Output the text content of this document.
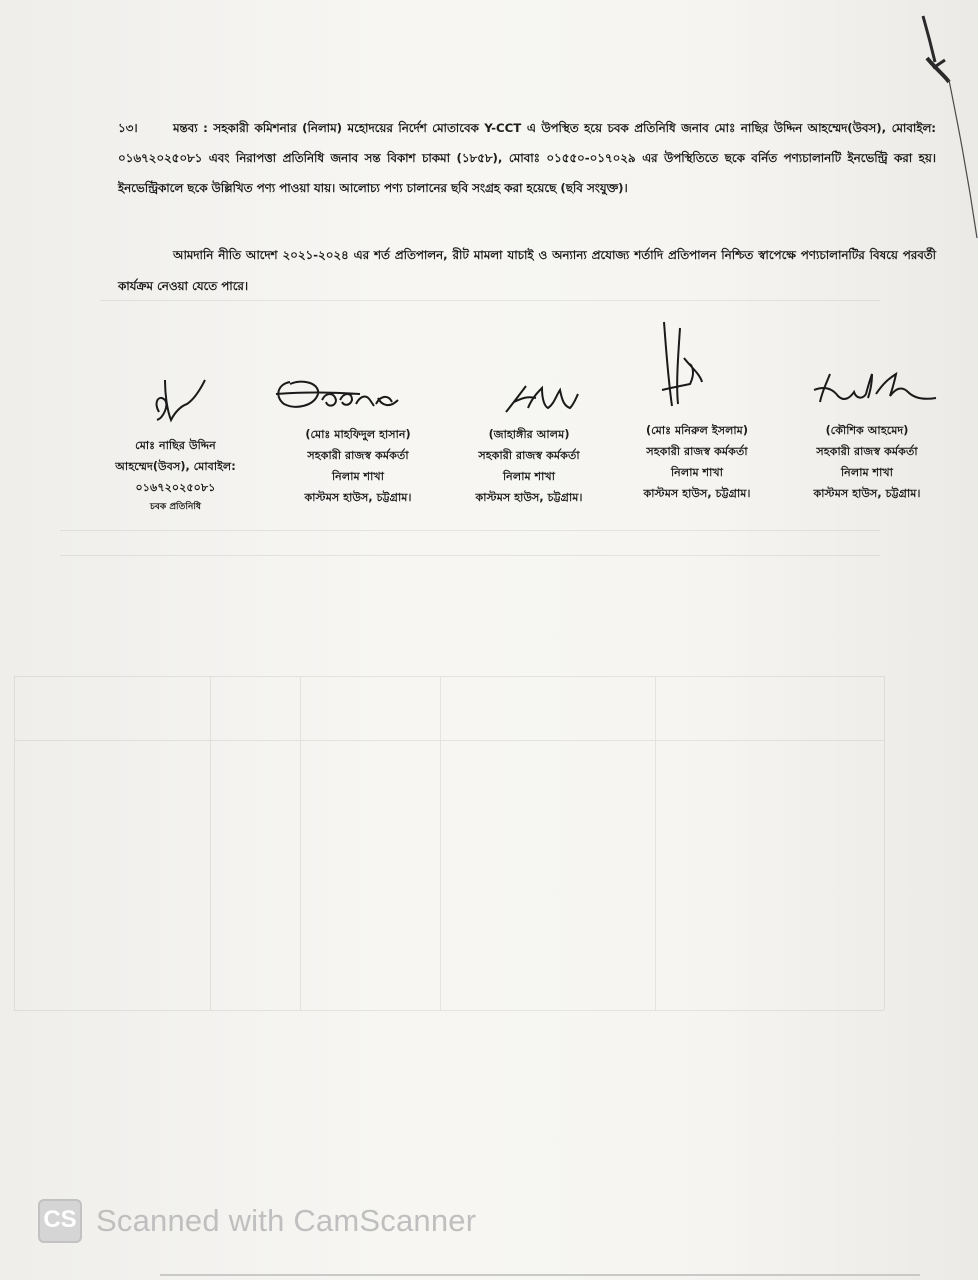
১৩।	মন্তব্য : সহকারী কমিশনার (নিলাম) মহোদয়ের নির্দেশ মোতাবেক Y-CCT এ উপস্থিত হয়ে চবক প্রতিনিধি জনাব মোঃ নাছির উদ্দিন আহম্মেদ(উবস), মোবাইল: ০১৬৭২০২৫০৮১ এবং নিরাপত্তা প্রতিনিধি জনাব সন্ত বিকাশ চাকমা (১৮৫৮), মোবাঃ ০১৫৫০-০১৭০২৯ এর উপস্থিতিতে ছকে বর্নিত পণ্যচালানটি ইনভেন্ট্রি করা হয়। ইনভেন্ট্রিকালে ছকে উল্লিখিত পণ্য পাওয়া যায়। আলোচ্য পণ্য চালানের ছবি সংগ্রহ করা হয়েছে (ছবি সংযুক্ত)।
আমদানি নীতি আদেশ ২০২১-২০২৪ এর শর্ত প্রতিপালন, রীট মামলা যাচাই ও অন্যান্য প্রযোজ্য শর্তাদি প্রতিপালন নিশ্চিত স্বাপেক্ষে পণ্যচালানটির বিষয়ে পরবর্তী কার্যক্রম নেওয়া যেতে পারে।
মোঃ নাছির উদ্দিন
আহম্মেদ(উবস), মোবাইল:
০১৬৭২০২৫০৮১
চবক প্রতিনিধি
(মোঃ মাহফিদুল হাসান)
সহকারী রাজস্ব কর্মকর্তা
নিলাম শাখা
কাস্টমস হাউস, চট্টগ্রাম।
(জাহাঙ্গীর আলম)
সহকারী রাজস্ব কর্মকর্তা
নিলাম শাখা
কাস্টমস হাউস, চট্টগ্রাম।
(মোঃ মনিরুল ইসলাম)
সহকারী রাজস্ব কর্মকর্তা
নিলাম শাখা
কাস্টমস হাউস, চট্টগ্রাম।
(কৌশিক আহমেদ)
সহকারী রাজস্ব কর্মকর্তা
নিলাম শাখা
কাস্টমস হাউস, চট্টগ্রাম।
CS Scanned with CamScanner
